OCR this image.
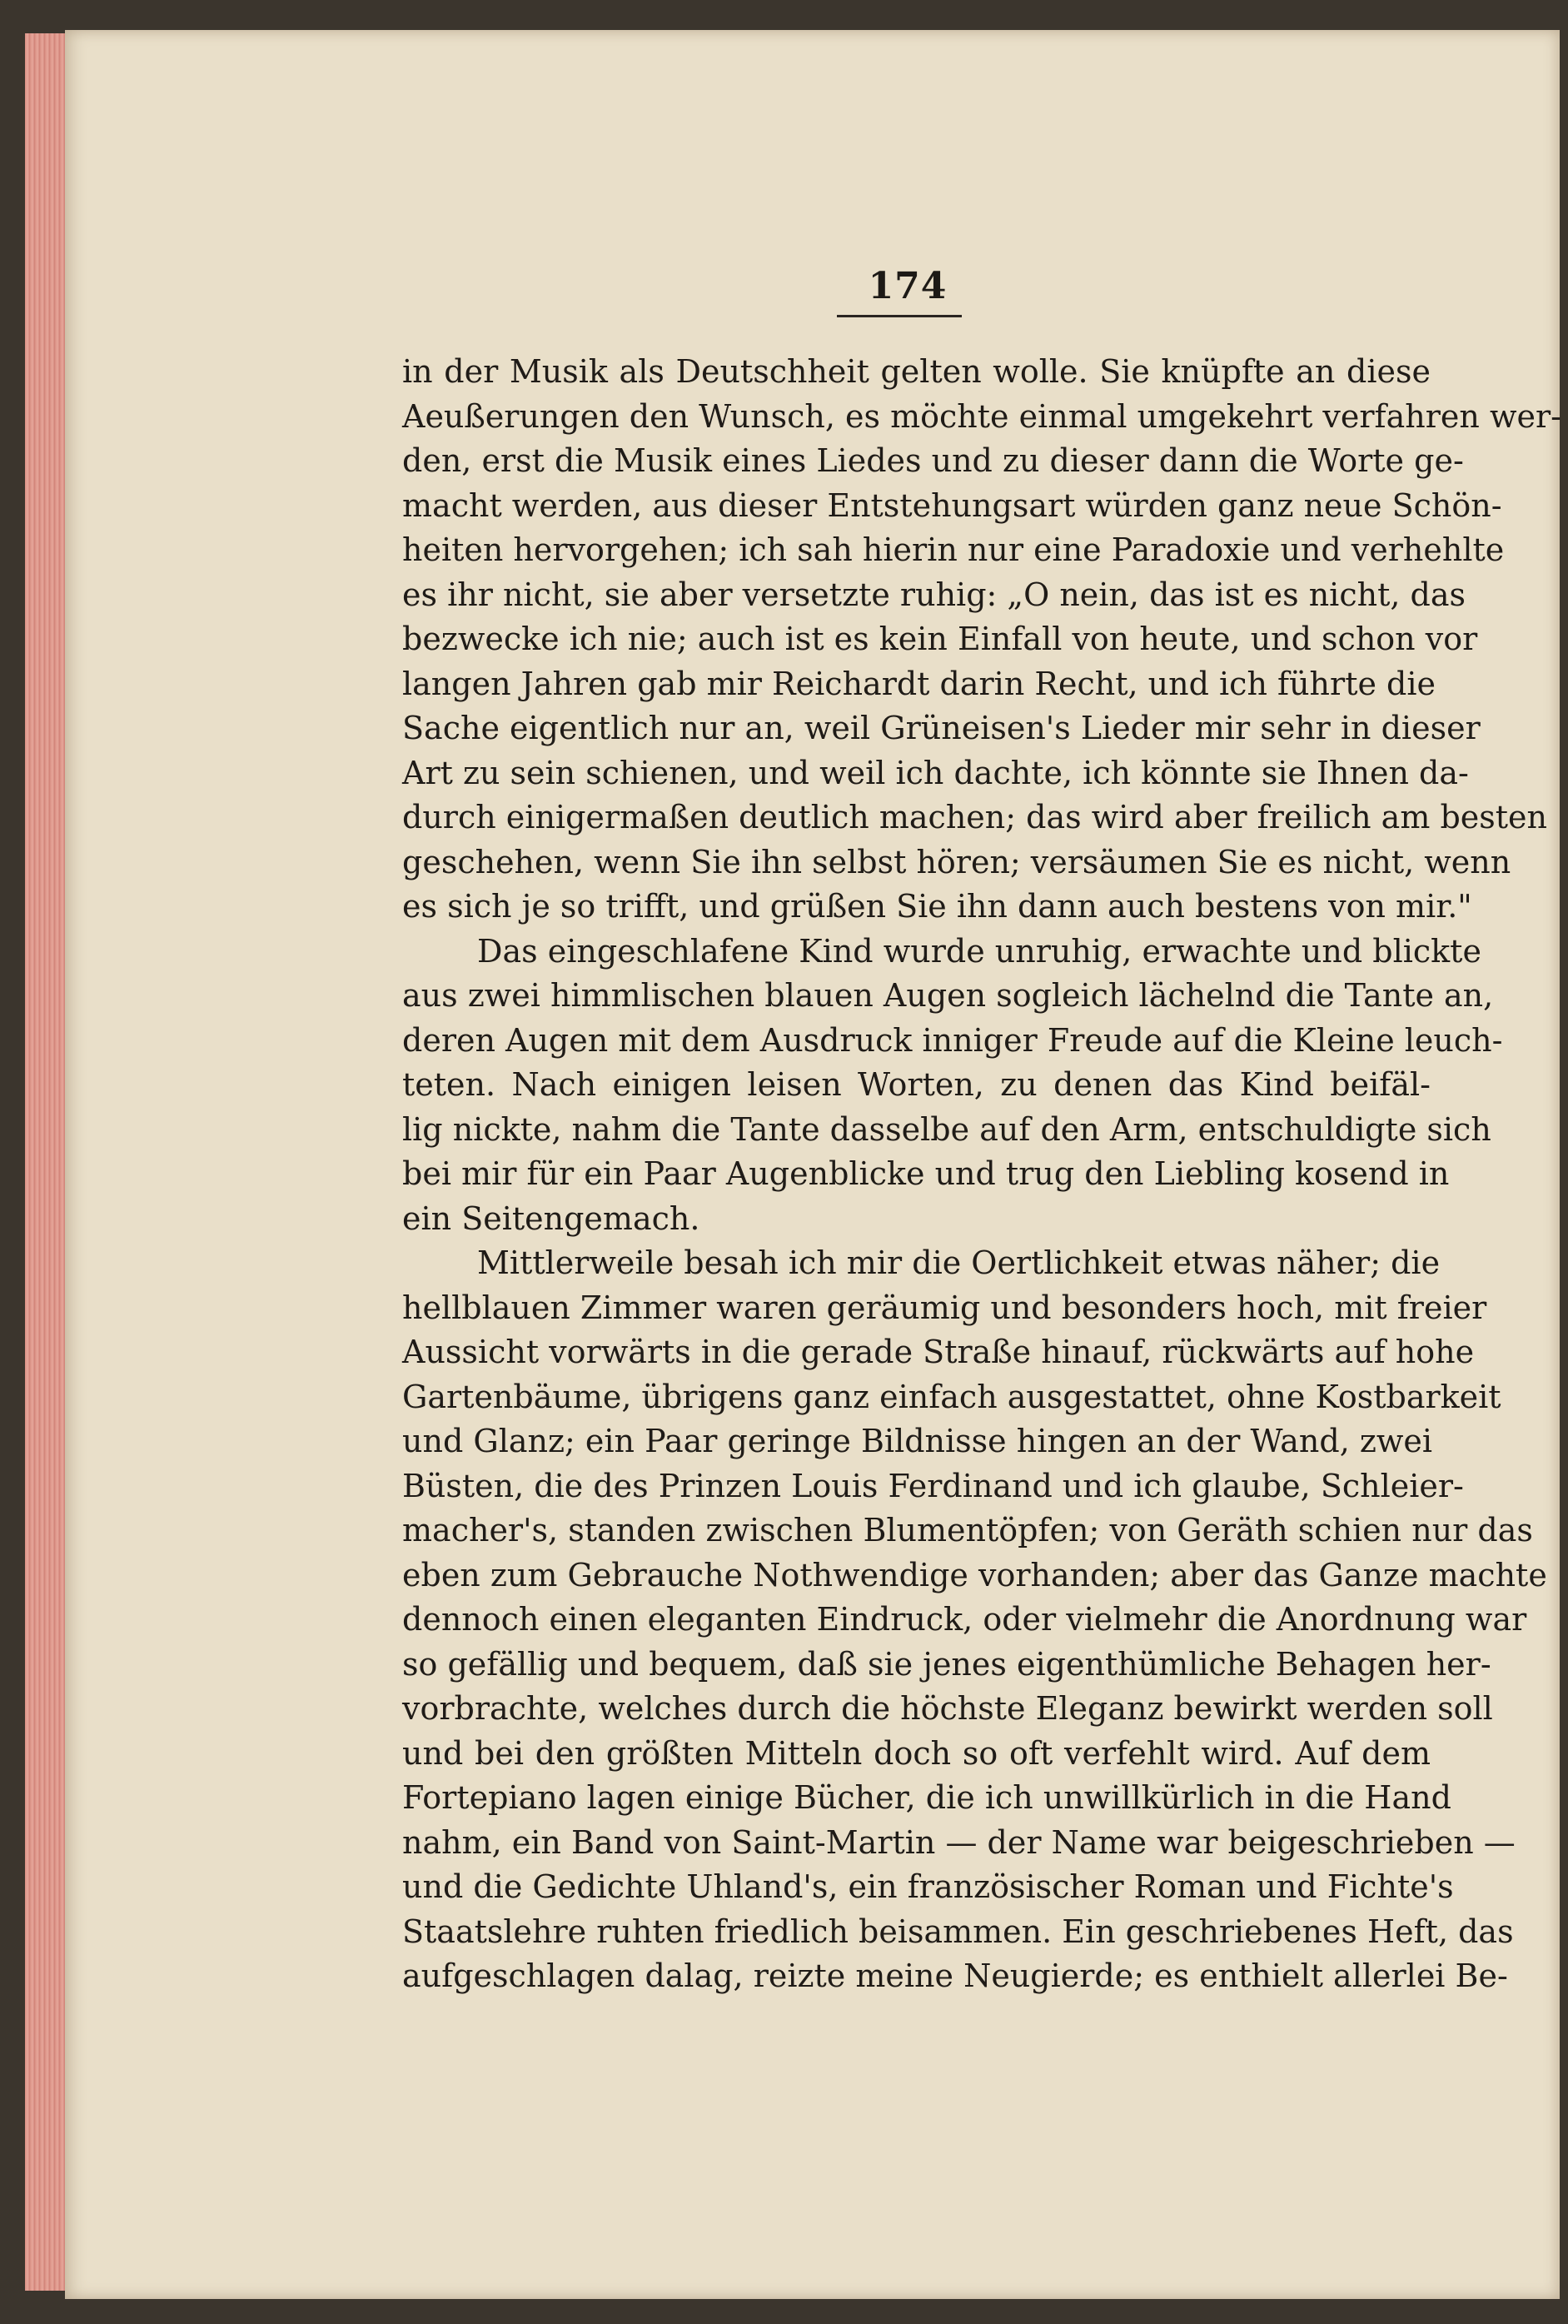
174
in der Musik als Deutschheit gelten wolle. Sie knüpfte an diese
Aeußerungen den Wunsch, es möchte einmal umgekehrt verfahren wer-
den, erst die Musik eines Liedes und zu dieser dann die Worte ge-
macht werden, aus dieser Entstehungsart würden ganz neue Schön-
heiten hervorgehen; ich sah hierin nur eine Paradoxie und verhehlte
es ihr nicht, sie aber versetzte ruhig: „O nein, das ist es nicht, das
bezwecke ich nie; auch ist es kein Einfall von heute, und schon vor
langen Jahren gab mir Reichardt darin Recht, und ich führte die
Sache eigentlich nur an, weil Grüneisen's Lieder mir sehr in dieser
Art zu sein schienen, und weil ich dachte, ich könnte sie Ihnen da-
durch einigermaßen deutlich machen; das wird aber freilich am besten
geschehen, wenn Sie ihn selbst hören; versäumen Sie es nicht, wenn
es sich je so trifft, und grüßen Sie ihn dann auch bestens von mir."
Das eingeschlafene Kind wurde unruhig, erwachte und blickte
aus zwei himmlischen blauen Augen sogleich lächelnd die Tante an,
deren Augen mit dem Ausdruck inniger Freude auf die Kleine leuch-
teten. Nach einigen leisen Worten, zu denen das Kind beifäl-
lig nickte, nahm die Tante dasselbe auf den Arm, entschuldigte sich
bei mir für ein Paar Augenblicke und trug den Liebling kosend in
ein Seitengemach.
Mittlerweile besah ich mir die Oertlichkeit etwas näher; die
hellblauen Zimmer waren geräumig und besonders hoch, mit freier
Aussicht vorwärts in die gerade Straße hinauf, rückwärts auf hohe
Gartenbäume, übrigens ganz einfach ausgestattet, ohne Kostbarkeit
und Glanz; ein Paar geringe Bildnisse hingen an der Wand, zwei
Büsten, die des Prinzen Louis Ferdinand und ich glaube, Schleier-
macher's, standen zwischen Blumentöpfen; von Geräth schien nur das
eben zum Gebrauche Nothwendige vorhanden; aber das Ganze machte
dennoch einen eleganten Eindruck, oder vielmehr die Anordnung war
so gefällig und bequem, daß sie jenes eigenthümliche Behagen her-
vorbrachte, welches durch die höchste Eleganz bewirkt werden soll
und bei den größten Mitteln doch so oft verfehlt wird. Auf dem
Fortepiano lagen einige Bücher, die ich unwillkürlich in die Hand
nahm, ein Band von Saint-Martin — der Name war beigeschrieben —
und die Gedichte Uhland's, ein französischer Roman und Fichte's
Staatslehre ruhten friedlich beisammen. Ein geschriebenes Heft, das
aufgeschlagen dalag, reizte meine Neugierde; es enthielt allerlei Be-
